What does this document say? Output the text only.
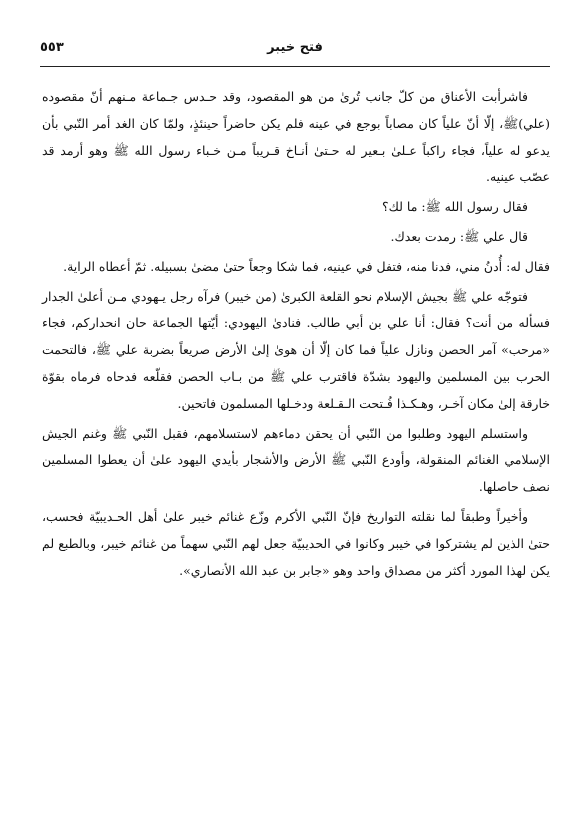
فتح خيبر
٥٥٣

فاشرأبت الأعناق من كلّ جانب تُرىٰ من هو المقصود، وقد حـدس جـماعة مـنهم أنّ مقصوده (علي)ﷺ، إلّا أنّ علياً كان مصاباً بوجع في عينه فلم يكن حاضراً حينئذٍ، ولمّا كان الغد أمر النّبي بأن يدعو له علياً، فجاء راكباً عـلىٰ بـعير له حـتىٰ أنـاخ قـريباً مـن خـباء رسول الله ﷺ وهو أرمد قد عصّب عينيه.

فقال رسول الله ﷺ: ما لك؟

قال علي ﷺ: رمدت بعدك.

فقال له: أُدنُ مني، فدنا منه، فتفل في عينيه، فما شكا وجعاً حتىٰ مضىٰ بسبيله. ثمّ أعطاه الراية.

فتوجّه علي ﷺ بجيش الإسلام نحو القلعة الكبرىٰ (من خيبر) فرآه رجل يـهودي مـن أعلىٰ الجدار فسأله من أنت؟ فقال: أنا علي بن أبي طالب. فنادىٰ اليهودي: أيّتها الجماعة حان انحدارکم، فجاء «مرحب» آمر الحصن ونازل علياً فما كان إلّا أن هوىٰ إلىٰ الأرض صريعاً بضربة علي ﷺ، فالتحمت الحرب بين المسلمين واليهود بشدّة فاقترب علي ﷺ من بـاب الحصن فقلّعه فدحاه فرماه بقوّة خارقة إلىٰ مكان آخـر، وهـكـذا فُـتحت الـقـلعة ودخـلها المسلمون فاتحين.

واستسلم اليهود وطلبوا من النّبي أن يحقن دماءهم لاستسلامهم، فقبل النّبي ﷺ وغنم الجيش الإسلامي الغنائم المنقولة، وأودع النّبي ﷺ الأرض والأشجار بأيدي اليهود علىٰ أن يعطوا المسلمين نصف حاصلها.

وأخيراً وطبقاً لما نقلته التواريخ فإنّ النّبي الأكرم وزّع غنائم خيبر علىٰ أهل الحـديبيّة فحسب، حتىٰ الذين لم يشتركوا في خيبر وكانوا في الحديبيّة جعل لهم النّبي سهماً من غنائم خيبر، وبالطبع لم يكن لهذا المورد أكثر من مصداق واحد وهو «جابر بن عبد الله الأنصاري».
